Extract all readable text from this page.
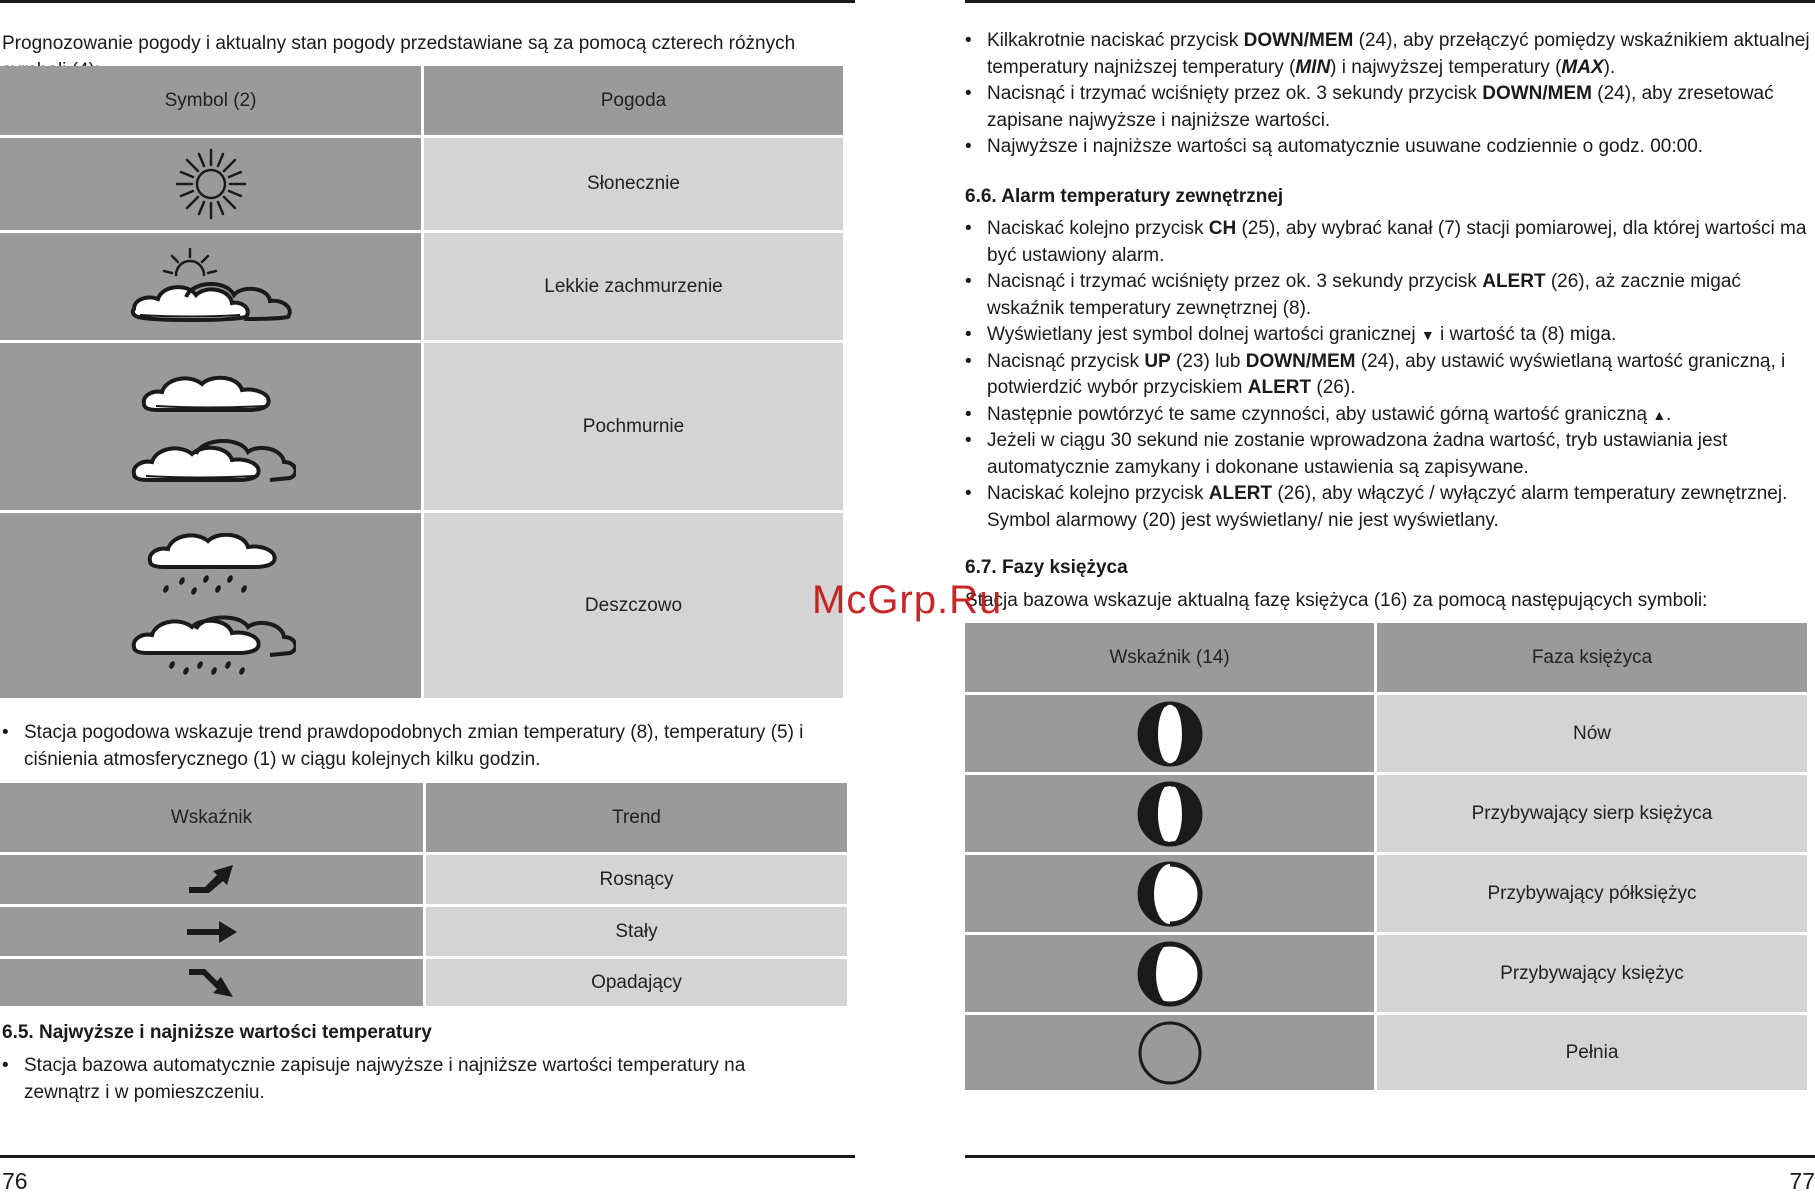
Prognozowanie pogody i aktualny stan pogody przedstawiane są za pomocą czterech różnych

Symbol (2)	Pogoda
	Słonecznie
	Lekkie zachmurzenie

	Pochmurnie

	Deszczowo
• Stacja pogodowa wskazuje trend prawdopodobnych zmian temperatury (8), temperatury (5) i ciśnienia atmosferycznego (1) w ciągu kolejnych kilku godzin.
Wskaźnik	Trend
	Rosnący
	Stały
	Opadający
6.5. Najwyższe i najniższe wartości temperatury
• Stacja bazowa automatycznie zapisuje najwyższe i najniższe wartości temperatury na zewnątrz i w pomieszczeniu.
76
• Kilkakrotnie naciskać przycisk DOWN/MEM (24), aby przełączyć pomiędzy wskaźnikiem aktualnej temperatury najniższej temperatury (MIN) i najwyższej temperatury (MAX).
• Nacisnąć i trzymać wciśnięty przez ok. 3 sekundy przycisk DOWN/MEM (24), aby zresetować zapisane najwyższe i najniższe wartości.
• Najwyższe i najniższe wartości są automatycznie usuwane codziennie o godz. 00:00.
6.6. Alarm temperatury zewnętrznej
• Naciskać kolejno przycisk CH (25), aby wybrać kanał (7) stacji pomiarowej, dla której wartości ma być ustawiony alarm.
• Nacisnąć i trzymać wciśnięty przez ok. 3 sekundy przycisk ALERT (26), aż zacznie migać wskaźnik temperatury zewnętrznej (8).
• Wyświetlany jest symbol dolnej wartości granicznej ▼ i wartość ta (8) miga.
• Nacisnąć przycisk UP (23) lub DOWN/MEM (24), aby ustawić wyświetlaną wartość graniczną, i potwierdzić wybór przyciskiem ALERT (26).
• Następnie powtórzyć te same czynności, aby ustawić górną wartość graniczną ▲.
• Jeżeli w ciągu 30 sekund nie zostanie wprowadzona żadna wartość, tryb ustawiania jest automatycznie zamykany i dokonane ustawienia są zapisywane.
• Naciskać kolejno przycisk ALERT (26), aby włączyć / wyłączyć alarm temperatury zewnętrznej. Symbol alarmowy (20) jest wyświetlany/ nie jest wyświetlany.
6.7. Fazy księżyca

Stacja bazowa wskazuje aktualną fazę księżyca (16) za pomocą następujących symboli:

Wskaźnik (14)	Faza księżyca
	Nów
	Przybywający sierp księżyca
	Przybywający półksiężyc
	Przybywający księżyc
	Pełnia
77
McGrp.Ru
